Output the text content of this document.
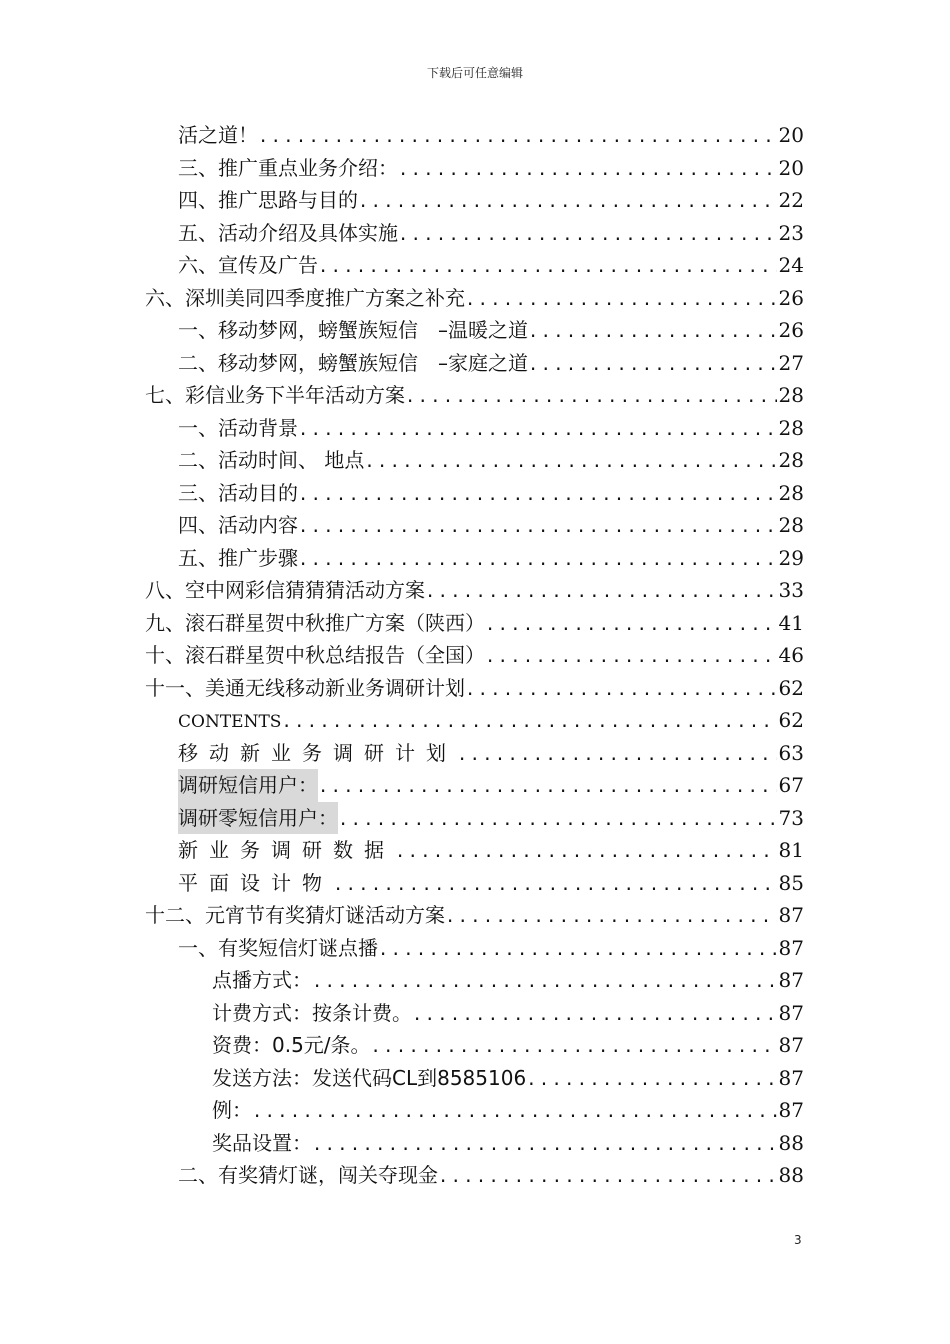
下载后可任意编辑
活之道！ .....	20
三、 推广重点业务介绍： .....	20
四、 推广思路与目的 .....	22
五、 活动介绍及具体实施 .....	23
六、 宣传及广告 .....	24
六、 深圳美同四季度推广方案之补充 .....	26
一、 移动梦网，螃蟹族短信　–温暖之道 .....	26
二、 移动梦网，螃蟹族短信　–家庭之道 .....	27
七、 彩信业务下半年活动方案 .....	28
一、 活动背景 .....	28
二、 活动时间、 地点 .....	28
三、 活动目的 .....	28
四、 活动内容 .....	28
五、 推广步骤 .....	29
八、 空中网彩信猜猜猜活动方案 .....	33
九、 滚石群星贺中秋推广方案（陕西） .....	41
十、 滚石群星贺中秋总结报告（全国） .....	46
十一、 美通无线移动新业务调研计划 .....	62
CONTENTS .....	62
移动新业务调研计划 .....	63
调研短信用户： .....	67
调研零短信用户： .....	73
新业务调研数据 .....	81
平面设计物 .....	85
十二、 元宵节有奖猜灯谜活动方案 .....	87
一、 有奖短信灯谜点播 .....	87
点播方式： .....	87
计费方式：按条计费。 .....	87
资费：0.5元/条。 .....	87
发送方法：发送代码CL到8585106 .....	87
例： .....	87
奖品设置： .....	88
二、 有奖猜灯谜，闯关夺现金 .....	88
3
